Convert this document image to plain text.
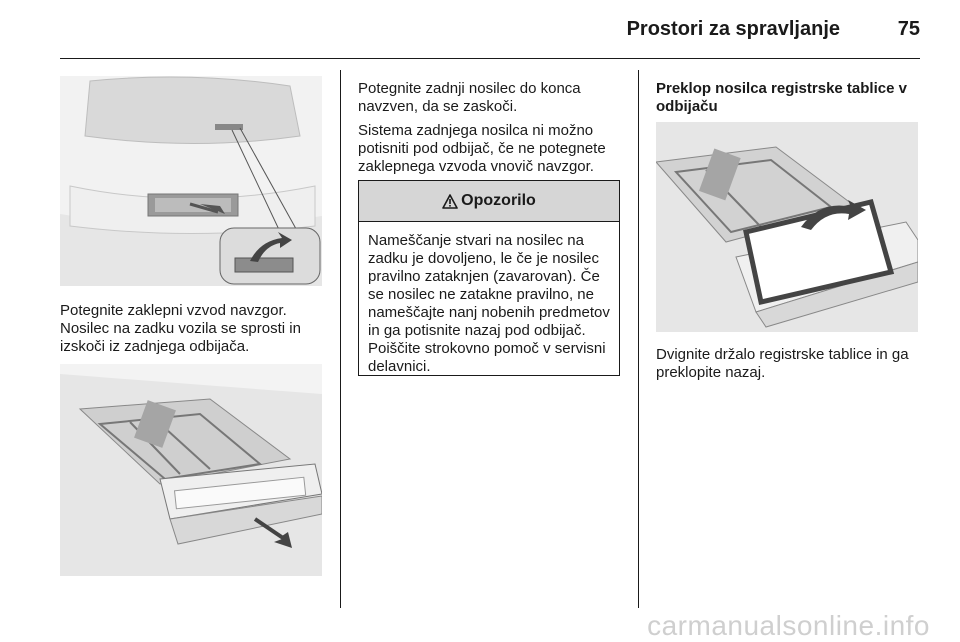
Prostori za spravljanje	75

Potegnite zaklepni vzvod navzgor. Nosilec na zadku vozila se sprosti in izskoči iz zadnjega odbijača.

Potegnite zadnji nosilec do konca navzven, da se zaskoči.

Sistema zadnjega nosilca ni možno potisniti pod odbijač, če ne potegnete zaklepnega vzvoda vnovič navzgor.

Opozorilo
Nameščanje stvari na nosilec na zadku je dovoljeno, le če je nosilec pravilno zataknjen (zavarovan). Če se nosilec ne zatakne pravilno, ne nameščajte nanj nobenih predmetov in ga potisnite nazaj pod odbijač. Poiščite strokovno pomoč v servisni delavnici.

Preklop nosilca registrske tablice v odbijaču

Dvignite držalo registrske tablice in ga preklopite nazaj.

carmanualsonline.info
